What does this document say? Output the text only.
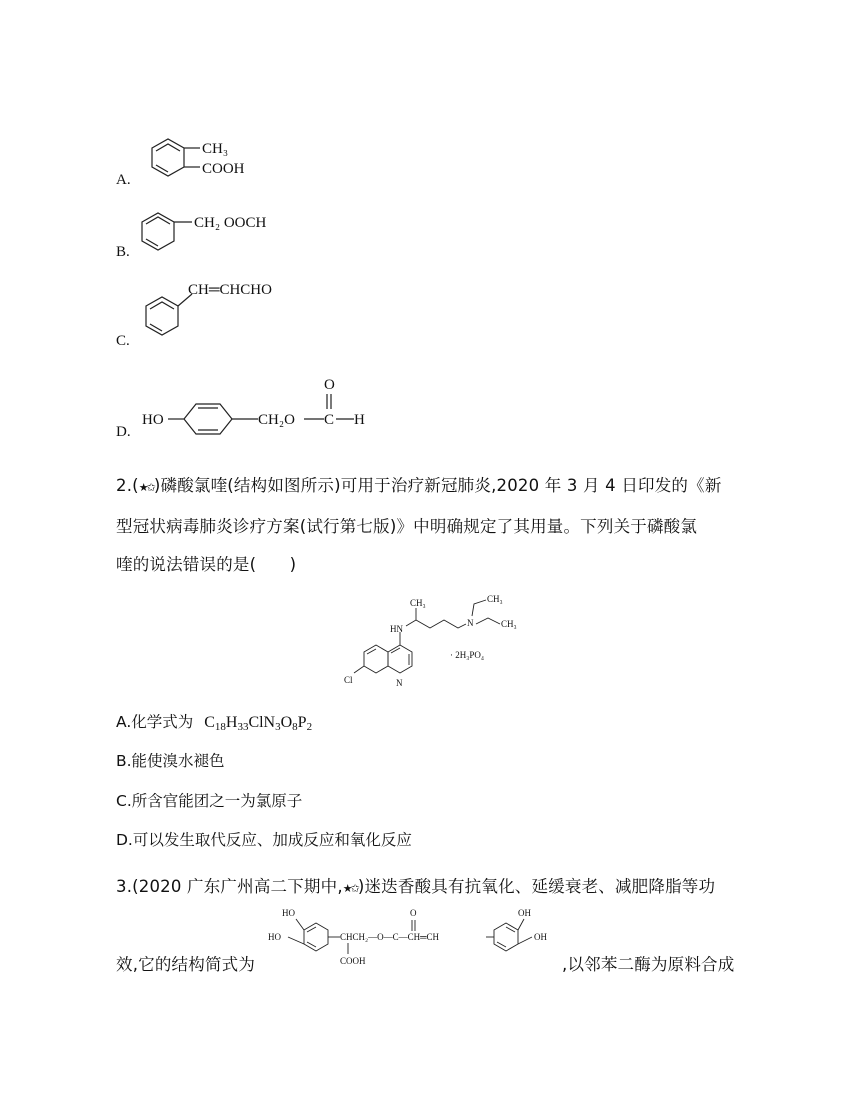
A.
CH₃
COOH
B.
CH₂ OOCH
C.
CH═CHCHO
D.
HO	CH₂O C
O
H
2.(★✩)磷酸氯喹(结构如图所示)可用于治疗新冠肺炎,2020 年 3 月 4 日印发的《新
型冠状病毒肺炎诊疗方案(试行第七版)》中明确规定了其用量。下列关于磷酸氯
喹的说法错误的是(　　)
Cl	N
HN
CH₃
N
CH₃
CH₃
· 2H₃PO₄
A.化学式为 $C_{18}H_{33}ClN_3O_8P_2$
B.能使溴水褪色
C.所含官能团之一为氯原子
D.可以发生取代反应、加成反应和氧化反应
3.(2020 广东广州高二下期中,★✩)迷迭香酸具有抗氧化、延缓衰老、减肥降脂等功
效,它的结构简式为	,以邻苯二酶为原料合成
HO
HO	CHCH₂—O—C—CH═CH
COOH
O	OH
OH
